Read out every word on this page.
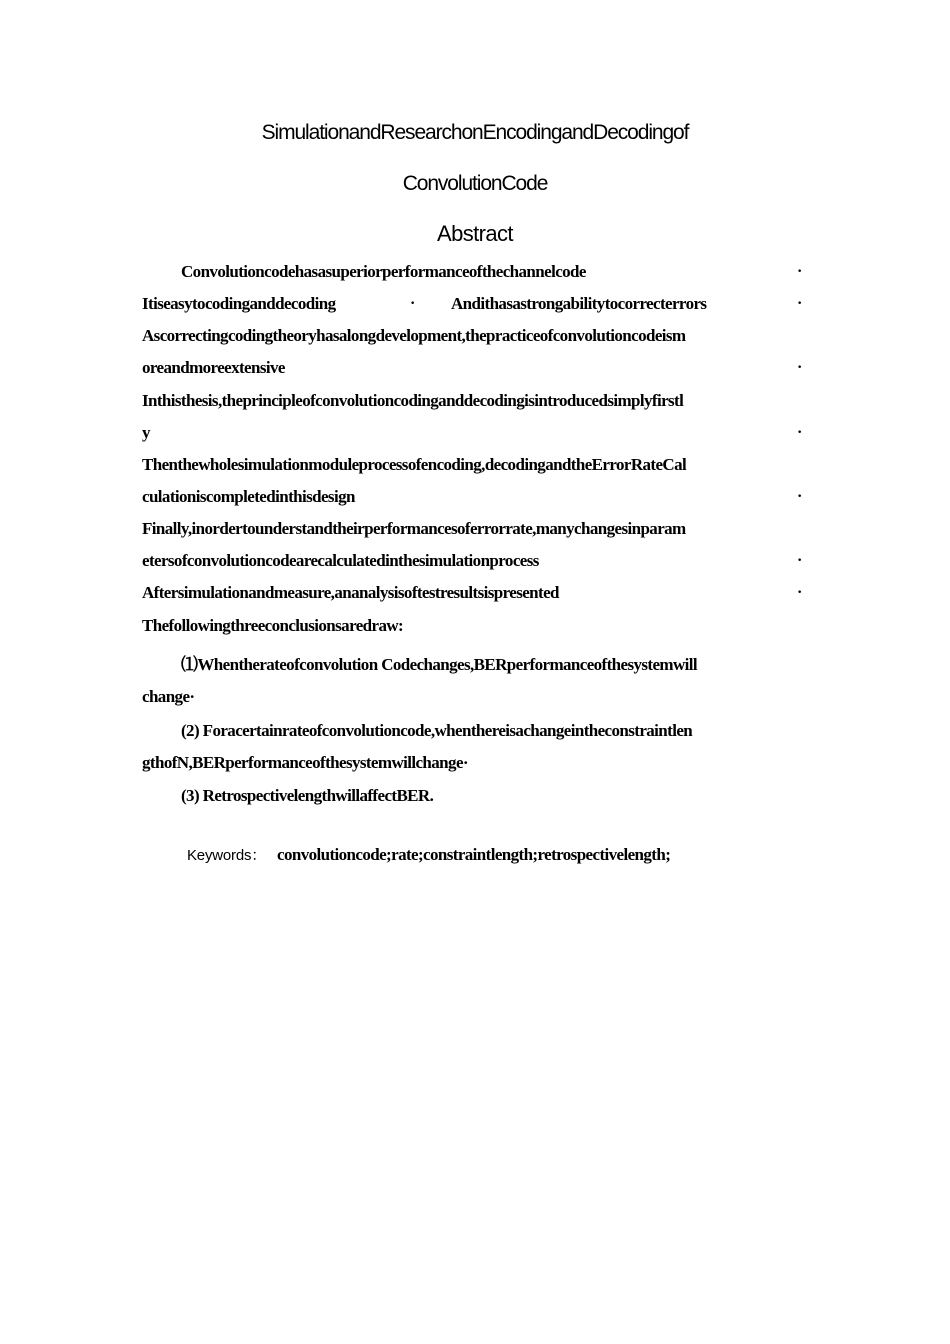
SimulationandResearchonEncodingandDecodingof
ConvolutionCode
Abstract
Convolutioncodehasasuperiorperformanceofthechannelcode	·
Itiseasytocodinganddecoding	· Andithasastrongabilitytocorrecterrors	·
Ascorrectingcodingtheoryhasalongdevelopment,thepracticeofconvolutioncodeism
oreandmoreextensive	·
Inthisthesis,theprincipleofconvolutioncodinganddecodingisintroducedsimplyfirstl
y	·
Thenthewholesimulationmoduleprocessofencoding,decodingandtheErrorRateCal
culationiscompletedinthisdesign	·
Finally,inordertounderstandtheirperformancesoferrorrate,manychangesinparam
etersofconvolutioncodearecalculatedinthesimulationprocess	·
Aftersimulationandmeasure,ananalysisoftestresultsispresented	·
Thefollowingthreeconclusionsaredraw:
⑴Whentherateofconvolution Codechanges,BERperformanceofthesystemwill
change·
(2) Foracertainrateofconvolutioncode,whenthereisachangeintheconstraintlen
gthofN,BERperformanceofthesystemwillchange·
(3) RetrospectivelengthwillaffectBER.
Keywords： convolutioncode;rate;constraintlength;retrospectivelength;
